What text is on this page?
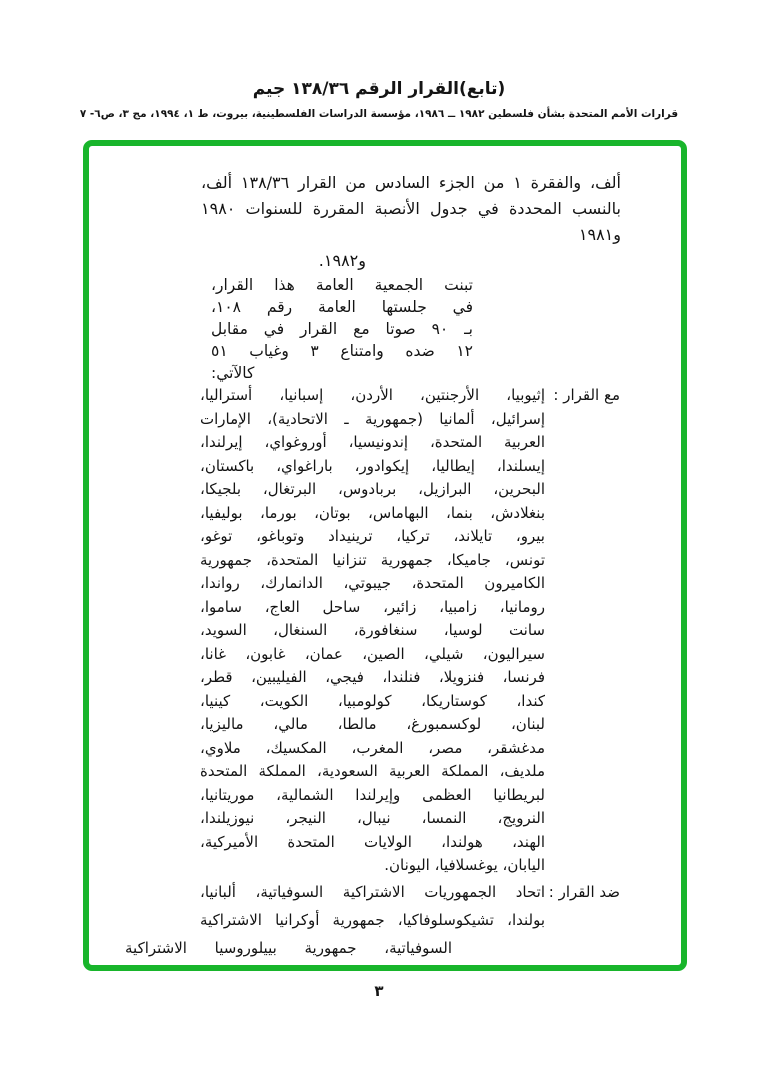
(تابع)القرار الرقم ١٣٨/٣٦ جيم
قرارات الأمم المتحدة بشأن فلسطين ١٩٨٢ ــ ١٩٨٦، مؤسسة الدراسات الفلسطينية، بيروت، ط ١، ١٩٩٤، مج ٣، ص٦- ٧
ألف، والفقرة ١ من الجزء السادس من القرار ١٣٨/٣٦ ألف،
بالنسب المحددة في جدول الأنصبة المقررة للسنوات ١٩٨٠ و١٩٨١
و١٩٨٢.
تبنت الجمعية العامة هذا القرار،
في جلستها العامة رقم ١٠٨،
بـ ٩٠ صوتا مع القرار في مقابل
١٢ ضده وامتناع ٣ وغياب ٥١
كالآتي:
مع القرار :
إثيوبيا، الأرجنتين، الأردن، إسبانيا، أستراليا،
إسرائيل، ألمانيا (جمهورية ـ الاتحادية)، الإمارات
العربية المتحدة، إندونيسيا، أوروغواي، إيرلندا،
إيسلندا، إيطاليا، إيكوادور، باراغواي، باكستان،
البحرين، البرازيل، بربادوس، البرتغال، بلجيكا،
بنغلادش، بنما، البهاماس، بوتان، بورما، بوليفيا،
بيرو، تايلاند، تركيا، ترينيداد وتوباغو، توغو،
تونس، جاميكا، جمهورية تنزانيا المتحدة، جمهورية
الكاميرون المتحدة، جيبوتي، الدانمارك، رواندا،
رومانيا، زامبيا، زائير، ساحل العاج، ساموا،
سانت لوسيا، سنغافورة، السنغال، السويد،
سيراليون، شيلي، الصين، عمان، غابون، غانا،
فرنسا، فنزويلا، فنلندا، فيجي، الفيليبين، قطر،
كندا، كوستاريكا، كولومبيا، الكويت، كينيا،
لبنان، لوكسمبورغ، مالطا، مالي، ماليزيا،
مدغشقر، مصر، المغرب، المكسيك، ملاوي،
ملديف، المملكة العربية السعودية، المملكة المتحدة
لبريطانيا العظمى وإيرلندا الشمالية، موريتانيا،
النرويج، النمسا، نيبال، النيجر، نيوزيلندا،
الهند، هولندا، الولايات المتحدة الأميركية،
اليابان، يوغسلافيا، اليونان.
ضد القرار :
اتحاد الجمهوريات الاشتراكية السوفياتية، ألبانيا،
بولندا، تشيكوسلوفاكيا، جمهورية أوكرانيا الاشتراكية
السوفياتية، جمهورية بييلوروسيا الاشتراكية
٣
